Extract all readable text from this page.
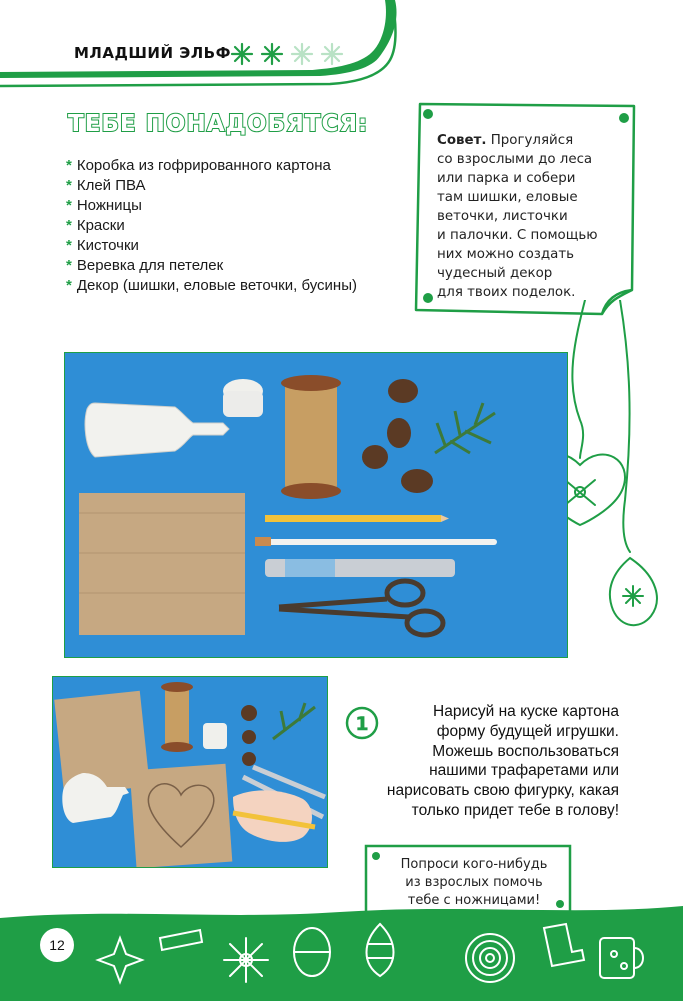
МЛАДШИЙ ЭЛЬФ
ТЕБЕ ПОНАДОБЯТСЯ:
* Коробка из гофрированного картона
* Клей ПВА
* Ножницы
* Краски
* Кисточки
* Веревка для петелек
* Декор (шишки, еловые веточки, бусины)
Совет. Прогуляйся
со взрослыми до леса
или парка и собери
там шишки, еловые
веточки, листочки
и палочки. С помощью
них можно создать
чудесный декор
для твоих поделок.
1
Нарисуй на куске картона
форму будущей игрушки.
Можешь воспользоваться
нашими трафаретами или
нарисовать свою фигурку, какая
только придет тебе в голову!
Попроси кого-нибудь
из взрослых помочь
тебе с ножницами!
12
